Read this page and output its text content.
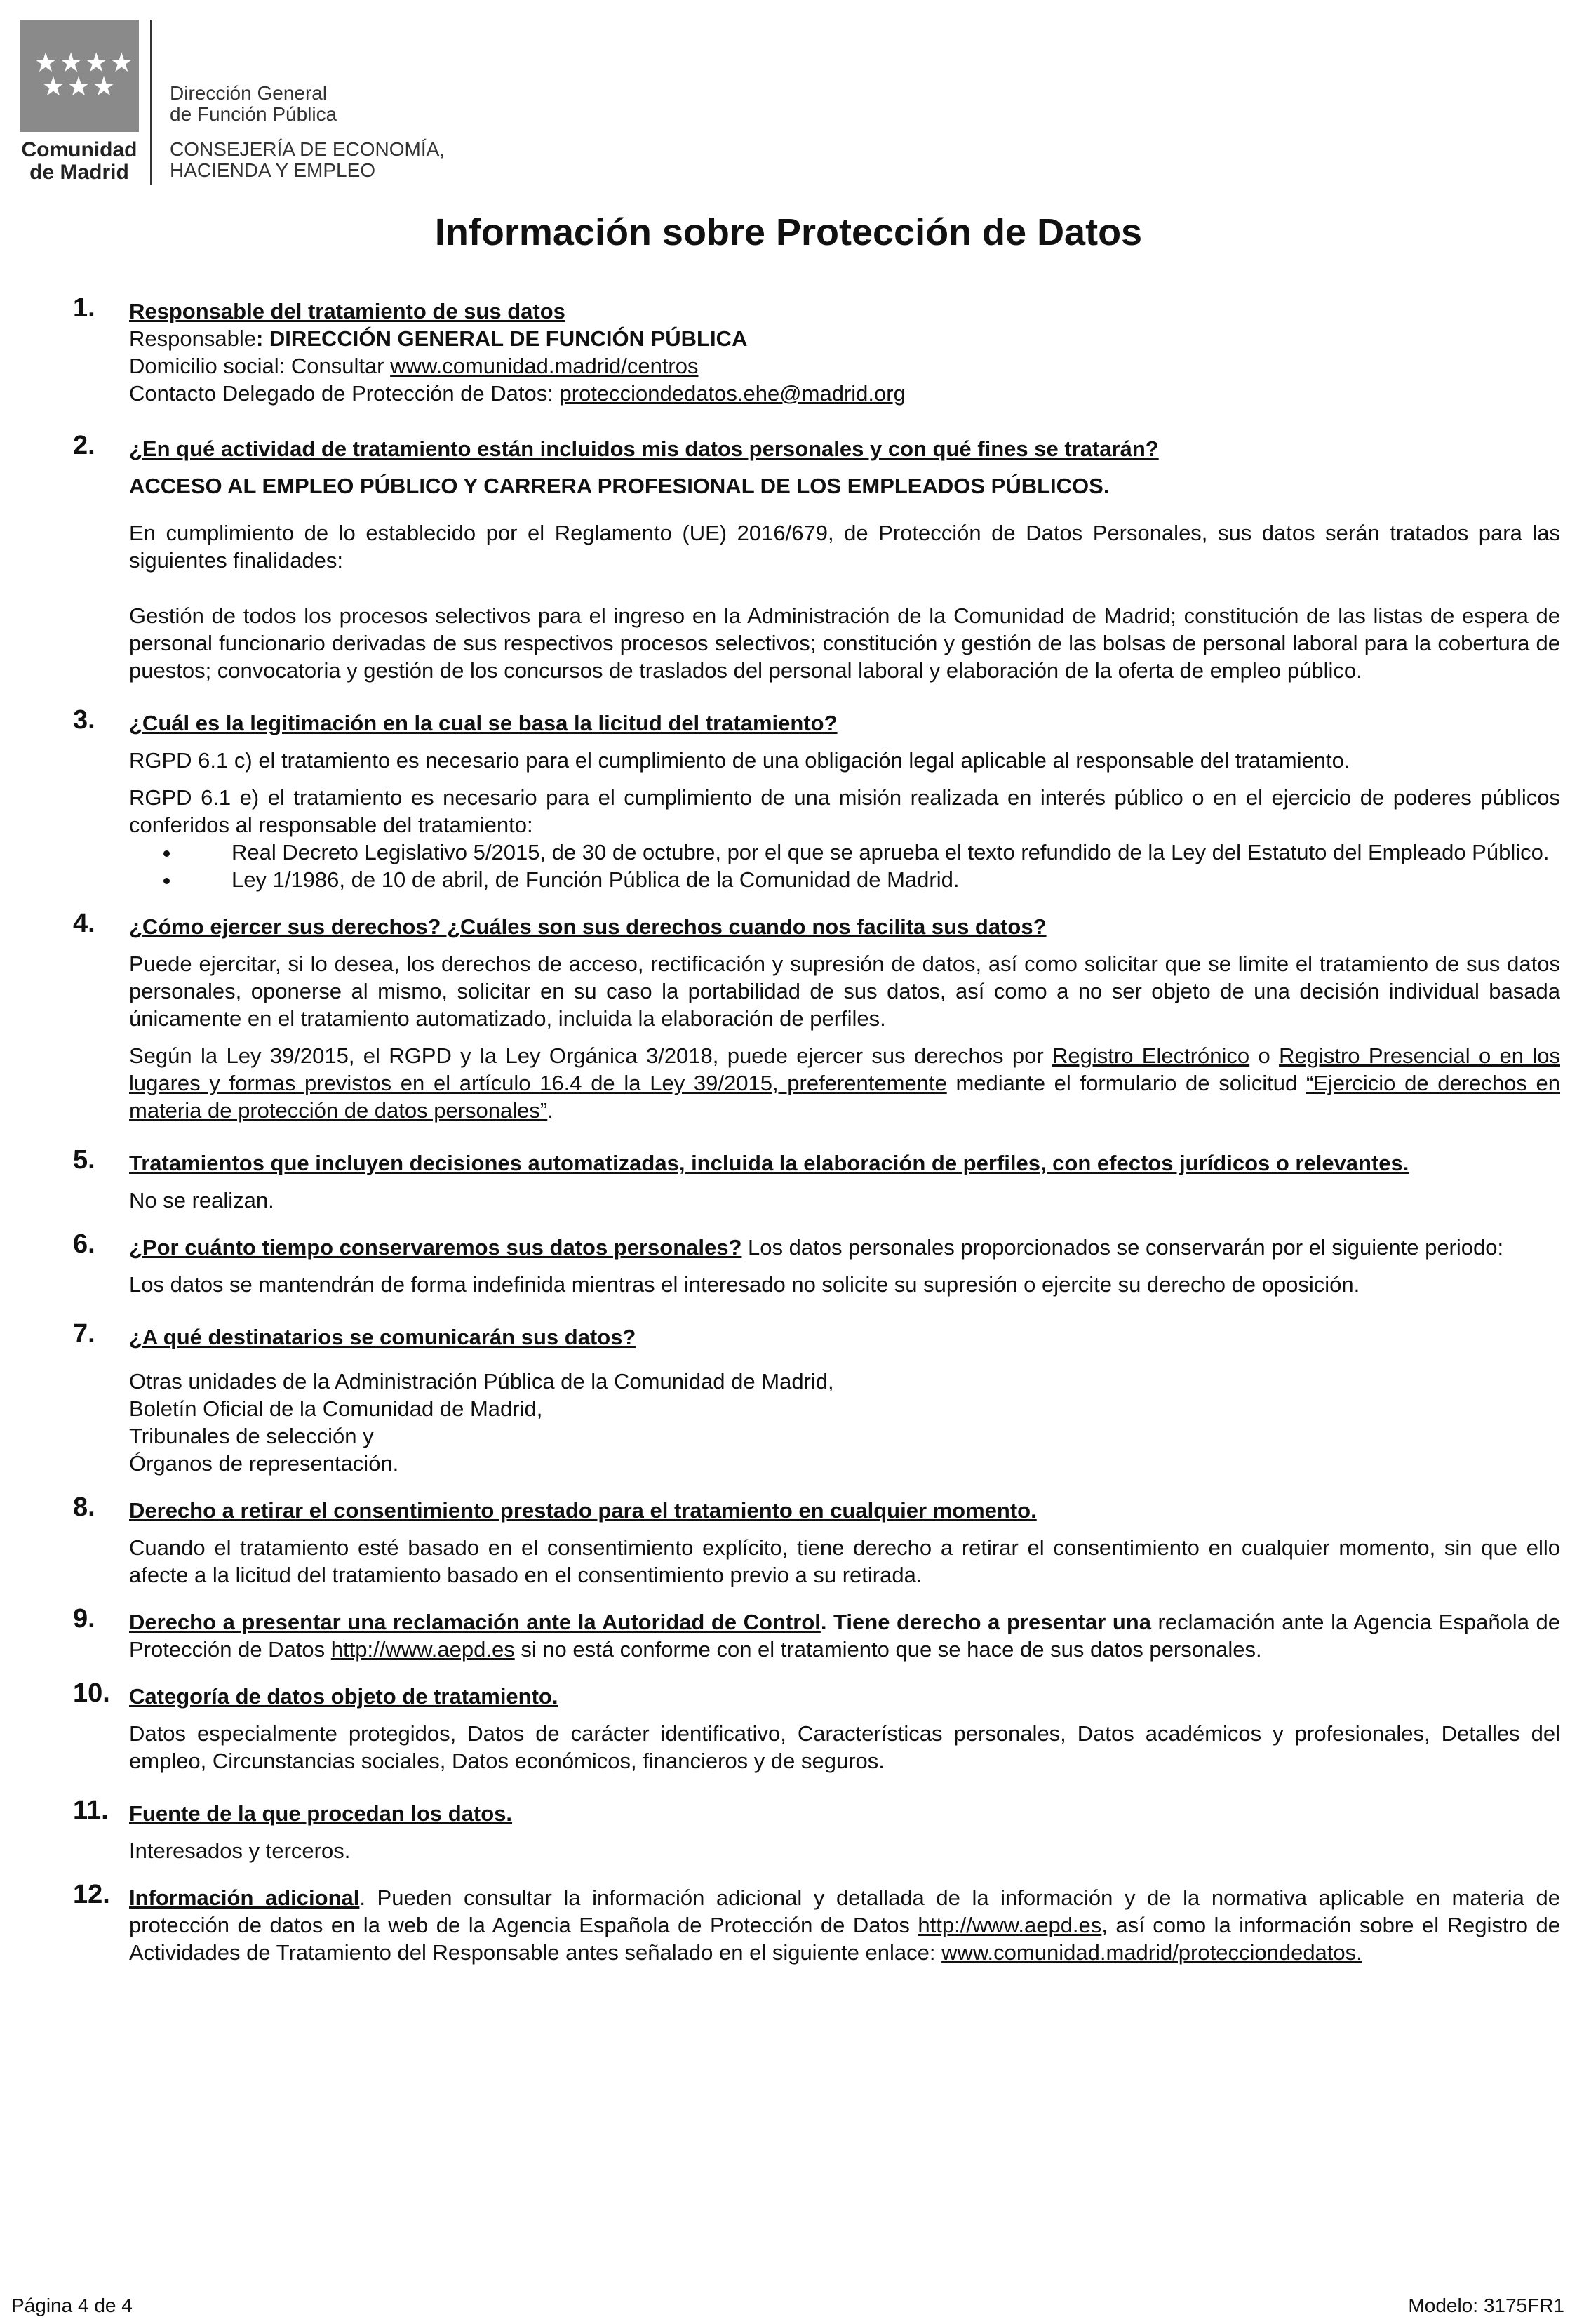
★★★★ ★★★
Comunidad de Madrid
Dirección General
de Función Pública
CONSEJERÍA DE ECONOMÍA,
HACIENDA Y EMPLEO
Información sobre Protección de Datos
1. Responsable del tratamiento de sus datos
Responsable: DIRECCIÓN GENERAL DE FUNCIÓN PÚBLICA
Domicilio social: Consultar www.comunidad.madrid/centros
Contacto Delegado de Protección de Datos: protecciondedatos.ehe@madrid.org
2. ¿En qué actividad de tratamiento están incluidos mis datos personales y con qué fines se tratarán?

ACCESO AL EMPLEO PÚBLICO Y CARRERA PROFESIONAL DE LOS EMPLEADOS PÚBLICOS.

En cumplimiento de lo establecido por el Reglamento (UE) 2016/679, de Protección de Datos Personales, sus datos serán tratados para las siguientes finalidades:

Gestión de todos los procesos selectivos para el ingreso en la Administración de la Comunidad de Madrid; constitución de las listas de espera de personal funcionario derivadas de sus respectivos procesos selectivos; constitución y gestión de las bolsas de personal laboral para la cobertura de puestos; convocatoria y gestión de los concursos de traslados del personal laboral y elaboración de la oferta de empleo público.

3. ¿Cuál es la legitimación en la cual se basa la licitud del tratamiento?

RGPD 6.1 c) el tratamiento es necesario para el cumplimiento de una obligación legal aplicable al responsable del tratamiento.

RGPD 6.1 e) el tratamiento es necesario para el cumplimiento de una misión realizada en interés público o en el ejercicio de poderes públicos conferidos al responsable del tratamiento:

• Real Decreto Legislativo 5/2015, de 30 de octubre, por el que se aprueba el texto refundido de la Ley del Estatuto del Empleado Público.
• Ley 1/1986, de 10 de abril, de Función Pública de la Comunidad de Madrid.
4. ¿Cómo ejercer sus derechos? ¿Cuáles son sus derechos cuando nos facilita sus datos?

Puede ejercitar, si lo desea, los derechos de acceso, rectificación y supresión de datos, así como solicitar que se limite el tratamiento de sus datos personales, oponerse al mismo, solicitar en su caso la portabilidad de sus datos, así como a no ser objeto de una decisión individual basada únicamente en el tratamiento automatizado, incluida la elaboración de perfiles.

Según la Ley 39/2015, el RGPD y la Ley Orgánica 3/2018, puede ejercer sus derechos por Registro Electrónico o Registro Presencial o en los lugares y formas previstos en el artículo 16.4 de la Ley 39/2015, preferentemente mediante el formulario de solicitud “Ejercicio de derechos en materia de protección de datos personales”.

5. Tratamientos que incluyen decisiones automatizadas, incluida la elaboración de perfiles, con efectos jurídicos o relevantes.

No se realizan.

6. ¿Por cuánto tiempo conservaremos sus datos personales? Los datos personales proporcionados se conservarán por el siguiente periodo:

Los datos se mantendrán de forma indefinida mientras el interesado no solicite su supresión o ejercite su derecho de oposición.

7. ¿A qué destinatarios se comunicarán sus datos?
Otras unidades de la Administración Pública de la Comunidad de Madrid,
Boletín Oficial de la Comunidad de Madrid,
Tribunales de selección y
Órganos de representación.
8. Derecho a retirar el consentimiento prestado para el tratamiento en cualquier momento.

Cuando el tratamiento esté basado en el consentimiento explícito, tiene derecho a retirar el consentimiento en cualquier momento, sin que ello afecte a la licitud del tratamiento basado en el consentimiento previo a su retirada.

9. Derecho a presentar una reclamación ante la Autoridad de Control. Tiene derecho a presentar una reclamación ante la Agencia Española de Protección de Datos http://www.aepd.es si no está conforme con el tratamiento que se hace de sus datos personales.
10. Categoría de datos objeto de tratamiento.

Datos especialmente protegidos, Datos de carácter identificativo, Características personales, Datos académicos y profesionales, Detalles del empleo, Circunstancias sociales, Datos económicos, financieros y de seguros.

11. Fuente de la que procedan los datos.

Interesados y terceros.

12. Información adicional. Pueden consultar la información adicional y detallada de la información y de la normativa aplicable en materia de protección de datos en la web de la Agencia Española de Protección de Datos http://www.aepd.es, así como la información sobre el Registro de Actividades de Tratamiento del Responsable antes señalado en el siguiente enlace: www.comunidad.madrid/protecciondedatos.
Página 4 de 4	Modelo: 3175FR1
